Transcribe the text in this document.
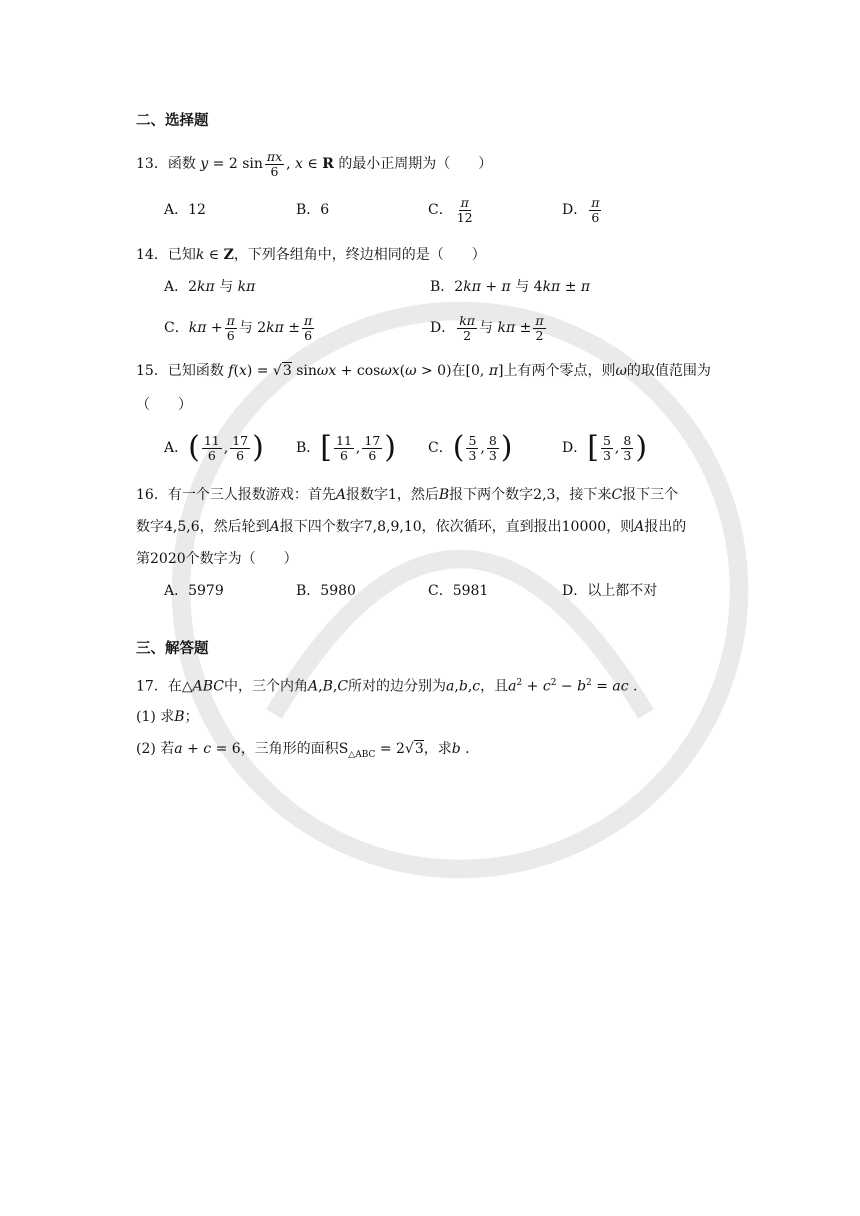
二、选择题
13．函数 y = 2 $\sin \frac{\pi x}{6}$ , x ∈ R 的最小正周期为（　　）
A．12	B．6	C． $\frac{\pi}{12}$	D． $\frac{\pi}{6}$
14．已知k ∈ Z，下列各组角中，终边相同的是（　　）
A．2kπ 与 kπ	B．2kπ + π 与 4kπ ± π
C．$k\pi + \frac{\pi}{6}$ 与 $2k\pi \pm \frac{\pi}{6}$	D． $\frac{k\pi}{2}$ 与 $k\pi \pm \frac{\pi}{2}$
15．已知函数 f(x) = √3 sinωx + cosωx(ω > 0)在[0, π]上有两个零点，则ω的取值范围为
（　　）
A．( $\frac{11}{6}$ , $\frac{17}{6}$ ) B．[ $\frac{11}{6}$ , $\frac{17}{6}$ ) C．( $\frac{5}{3}$ , $\frac{8}{3}$ )	D．[ $\frac{5}{3}$ , $\frac{8}{3}$ )
16．有一个三人报数游戏：首先A报数字1，然后B报下两个数字2,3，接下来C报下三个
数字4,5,6，然后轮到A报下四个数字7,8,9,10，依次循环，直到报出10000，则A报出的
第2020个数字为（　　）
A．5979	B．5980	C．5981	D．以上都不对
三、解答题
17．在△ABC中，三个内角A,B,C所对的边分别为a,b,c，且$a^2 + c^2 - b^2$ = ac .
(1) 求B；
(2) 若a + c = 6，三角形的面积$S_{\triangle ABC} = 2√3$，求b .
